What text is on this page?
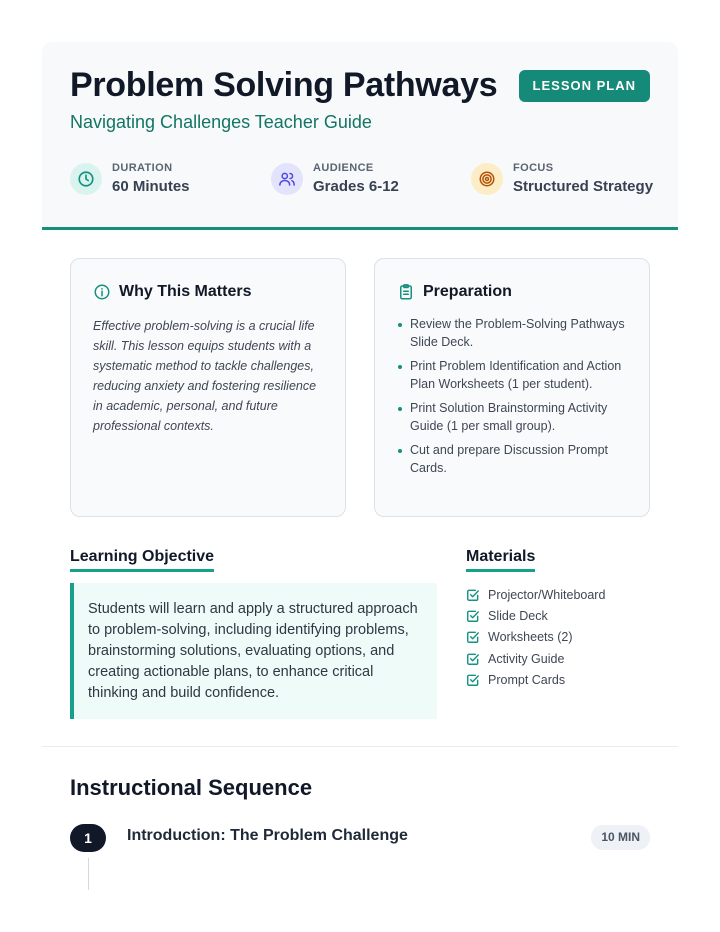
Problem Solving Pathways
Navigating Challenges Teacher Guide
LESSON PLAN
DURATION
60 Minutes
AUDIENCE
Grades 6-12
FOCUS
Structured Strategy
Why This Matters
Effective problem-solving is a crucial life skill. This lesson equips students with a systematic method to tackle challenges, reducing anxiety and fostering resilience in academic, personal, and future professional contexts.
Preparation
Review the Problem-Solving Pathways Slide Deck.
Print Problem Identification and Action Plan Worksheets (1 per student).
Print Solution Brainstorming Activity Guide (1 per small group).
Cut and prepare Discussion Prompt Cards.
Learning Objective
Students will learn and apply a structured approach to problem-solving, including identifying problems, brainstorming solutions, evaluating options, and creating actionable plans, to enhance critical thinking and build confidence.
Materials
Projector/Whiteboard
Slide Deck
Worksheets (2)
Activity Guide
Prompt Cards
Instructional Sequence
1	Introduction: The Problem Challenge	10 MIN
